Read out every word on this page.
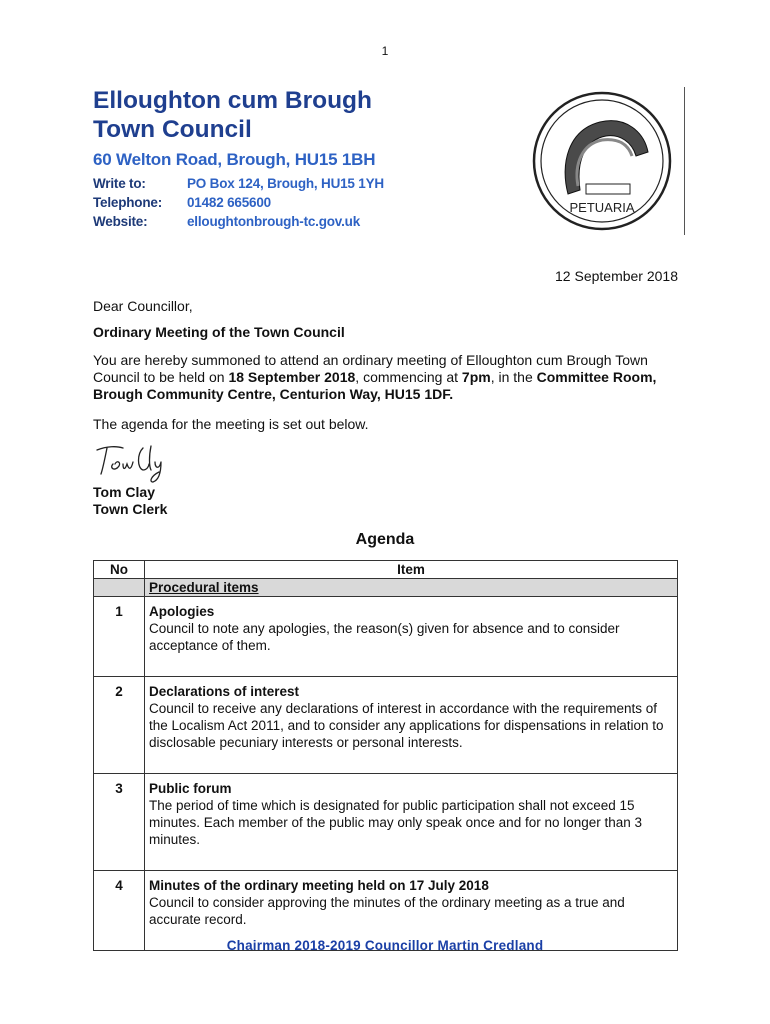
1
Elloughton cum Brough
Town Council
60 Welton Road, Brough, HU15 1BH
Write to:	PO Box 124, Brough, HU15 1YH
Telephone:	01482 665600
Website:	elloughtonbrough-tc.gov.uk
PETUARIA
12 September 2018
Dear Councillor,
Ordinary Meeting of the Town Council
You are hereby summoned to attend an ordinary meeting of Elloughton cum Brough Town Council to be held on 18 September 2018, commencing at 7pm, in the Committee Room, Brough Community Centre, Centurion Way, HU15 1DF.
The agenda for the meeting is set out below.
Tom Clay
Town Clerk
Agenda
No	Item
	Procedural items
1	Apologies
Council to note any apologies, the reason(s) given for absence and to consider acceptance of them.

2	Declarations of interest
Council to receive any declarations of interest in accordance with the requirements of the Localism Act 2011, and to consider any applications for dispensations in relation to disclosable pecuniary interests or personal interests.

3	Public forum
The period of time which is designated for public participation shall not exceed 15 minutes. Each member of the public may only speak once and for no longer than 3 minutes.

4	Minutes of the ordinary meeting held on 17 July 2018
Council to consider approving the minutes of the ordinary meeting as a true and accurate record.
Chairman 2018-2019 Councillor Martin Credland
